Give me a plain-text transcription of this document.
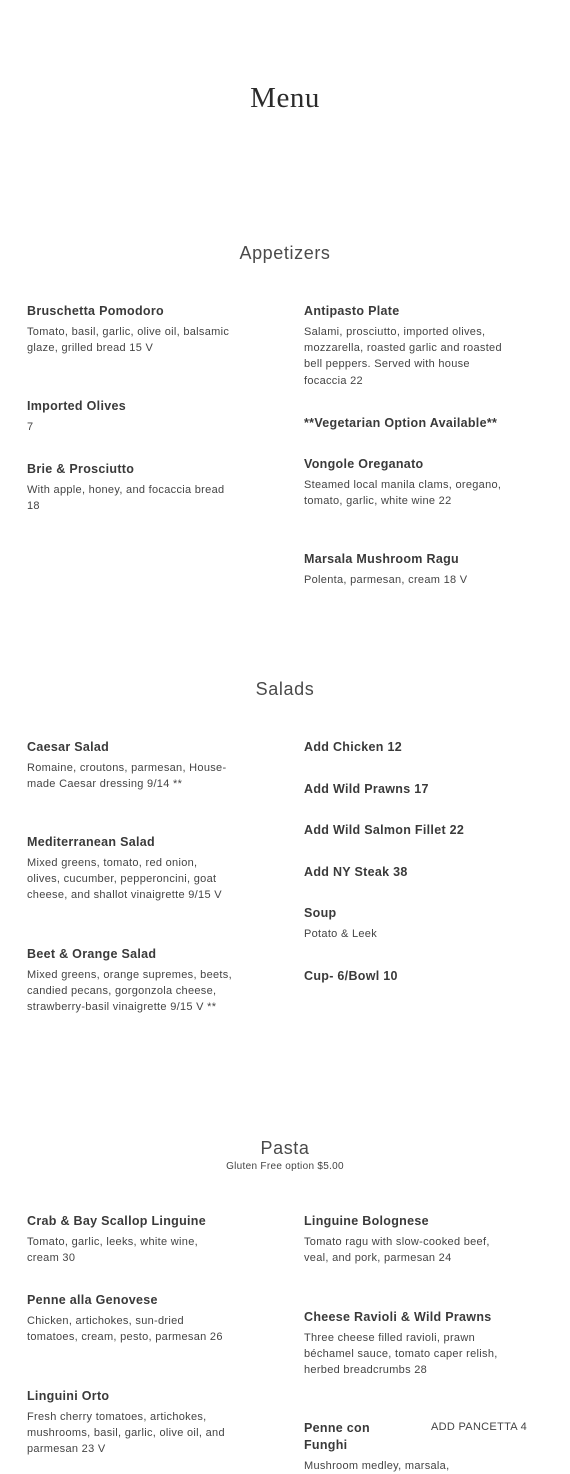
Menu
Appetizers
Bruschetta Pomodoro
Tomato, basil, garlic, olive oil, balsamic glaze, grilled bread 15 V
Imported Olives
7
Brie & Prosciutto
With apple, honey, and focaccia bread 18
Antipasto Plate
Salami, prosciutto, imported olives, mozzarella, roasted garlic and roasted bell peppers. Served with house focaccia 22
**Vegetarian Option Available**
Vongole Oreganato
Steamed local manila clams, oregano, tomato, garlic, white wine 22
Marsala Mushroom Ragu
Polenta, parmesan, cream 18 V
Salads
Caesar Salad
Romaine, croutons, parmesan, House-made Caesar dressing 9/14 **
Mediterranean Salad
Mixed greens, tomato, red onion, olives, cucumber, pepperoncini, goat cheese, and shallot vinaigrette 9/15 V
Beet & Orange Salad
Mixed greens, orange supremes, beets, candied pecans, gorgonzola cheese, strawberry-basil vinaigrette 9/15 V **
Add Chicken 12
Add Wild Prawns 17
Add Wild Salmon Fillet 22
Add NY Steak 38
Soup
Potato & Leek
Cup- 6/Bowl 10
Pasta
Gluten Free option $5.00
Crab & Bay Scallop Linguine
Tomato, garlic, leeks, white wine, cream 30
Penne alla Genovese
Chicken, artichokes, sun-dried tomatoes, cream, pesto, parmesan 26
Linguini Orto
Fresh cherry tomatoes, artichokes, mushrooms, basil, garlic, olive oil, and parmesan 23 V
Linguine Bolognese
Tomato ragu with slow-cooked beef, veal, and pork, parmesan 24
Cheese Ravioli & Wild Prawns
Three cheese filled ravioli, prawn béchamel sauce, tomato caper relish, herbed breadcrumbs 28
Penne con Funghi
Mushroom medley, marsala,
ADD PANCETTA 4
